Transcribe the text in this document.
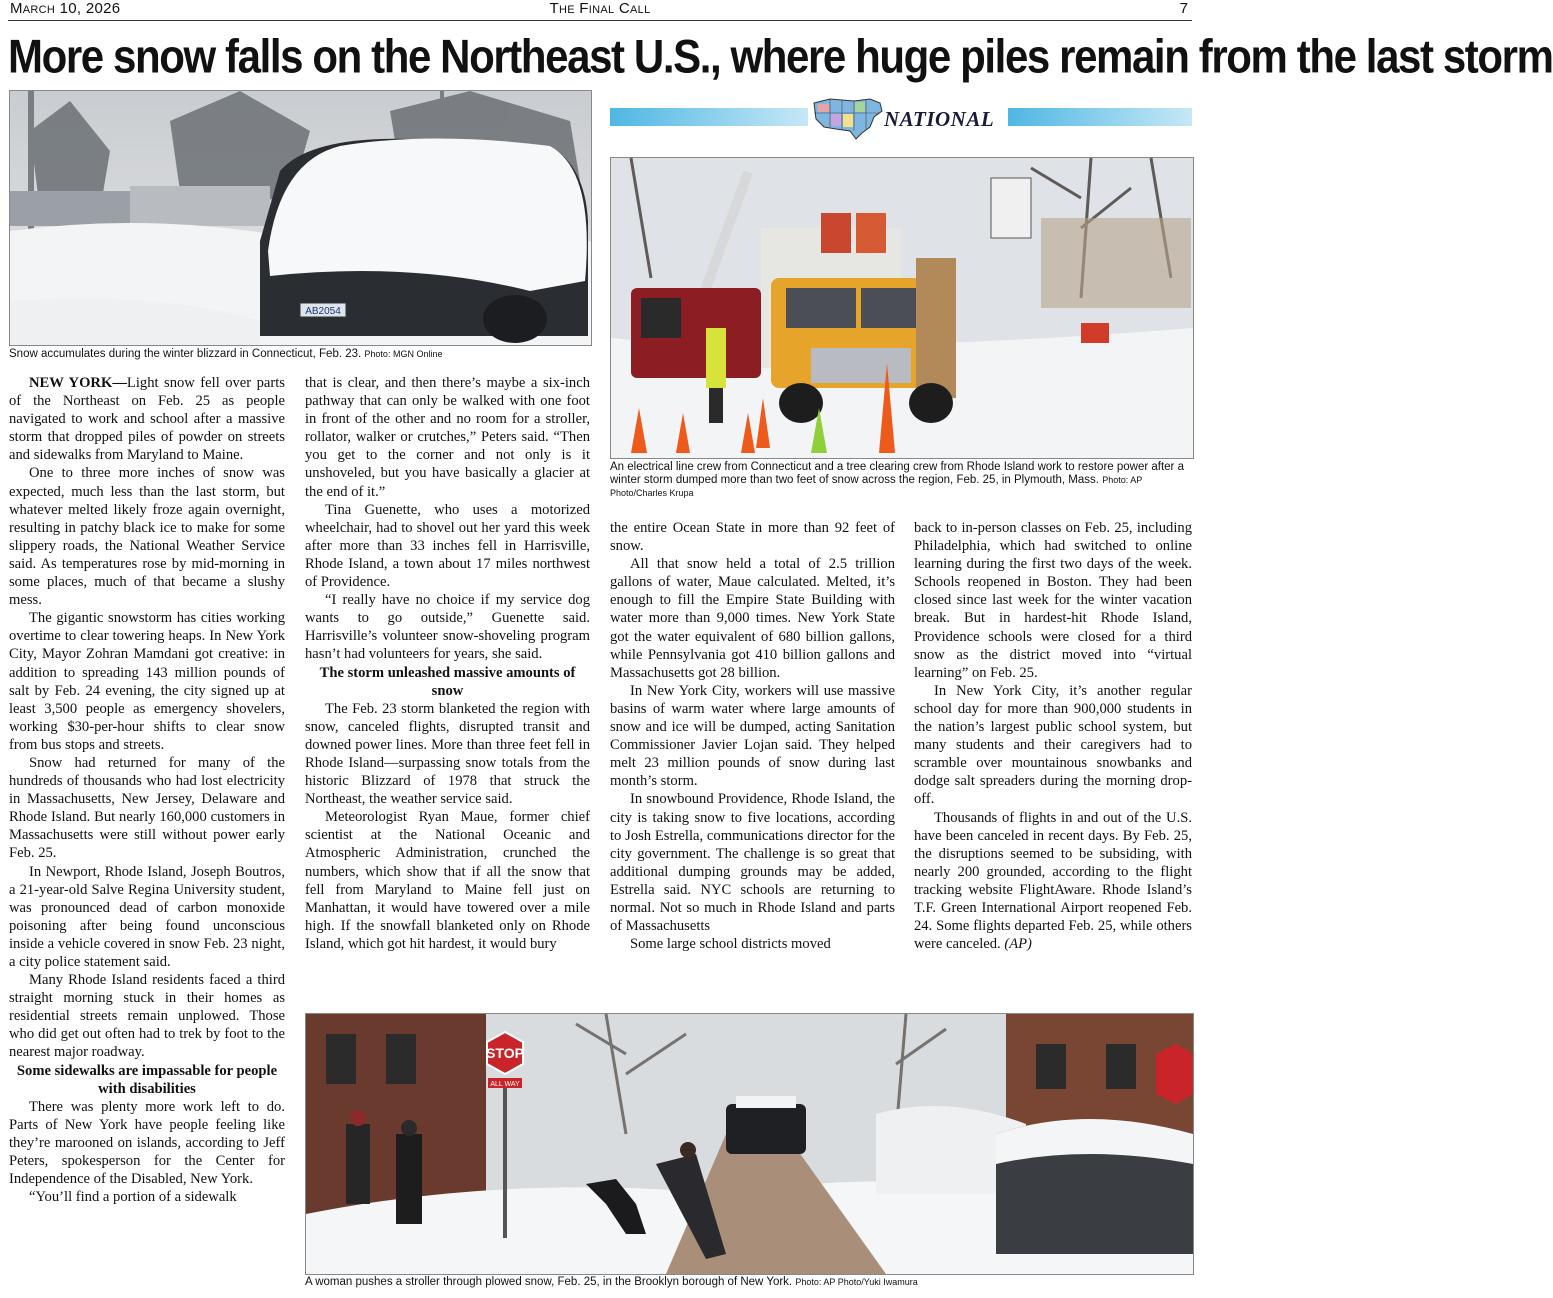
March 10, 2026	The Final Call	7
More snow falls on the Northeast U.S., where huge piles remain from the last storm
AB2054
Snow accumulates during the winter blizzard in Connecticut, Feb. 23. Photo: MGN Online
NATIONAL
An electrical line crew from Connecticut and a tree clearing crew from Rhode Island work to restore power after a winter storm dumped more than two feet of snow across the region, Feb. 25, in Plymouth, Mass. Photo: AP Photo/Charles Krupa

NEW YORK—Light snow fell over parts of the Northeast on Feb. 25 as people navigated to work and school after a massive storm that dropped piles of powder on streets and sidewalks from Maryland to Maine.

One to three more inches of snow was expected, much less than the last storm, but whatever melted likely froze again overnight, resulting in patchy black ice to make for some slippery roads, the National Weather Service said. As temperatures rose by mid-morning in some places, much of that became a slushy mess.

The gigantic snowstorm has cities working overtime to clear towering heaps. In New York City, Mayor Zohran Mamdani got creative: in addition to spreading 143 million pounds of salt by Feb. 24 evening, the city signed up at least 3,500 people as emergency shovelers, working $30-per-hour shifts to clear snow from bus stops and streets.

Snow had returned for many of the hundreds of thousands who had lost electricity in Massachusetts, New Jersey, Delaware and Rhode Island. But nearly 160,000 customers in Massachusetts were still without power early Feb. 25.

In Newport, Rhode Island, Joseph Boutros, a 21-year-old Salve Regina University student, was pronounced dead of carbon monoxide poisoning after being found unconscious inside a vehicle covered in snow Feb. 23 night, a city police statement said.

Many Rhode Island residents faced a third straight morning stuck in their homes as residential streets remain unplowed. Those who did get out often had to trek by foot to the nearest major roadway.

Some sidewalks are impassable for people with disabilities

There was plenty more work left to do. Parts of New York have people feeling like they’re marooned on islands, according to Jeff Peters, spokesperson for the Center for Independence of the Disabled, New York.

“You’ll find a portion of a sidewalk

that is clear, and then there’s maybe a six-inch pathway that can only be walked with one foot in front of the other and no room for a stroller, rollator, walker or crutches,” Peters said. “Then you get to the corner and not only is it unshoveled, but you have basically a glacier at the end of it.”

Tina Guenette, who uses a motorized wheelchair, had to shovel out her yard this week after more than 33 inches fell in Harrisville, Rhode Island, a town about 17 miles northwest of Providence.

“I really have no choice if my service dog wants to go outside,” Guenette said. Harrisville’s volunteer snow-shoveling program hasn’t had volunteers for years, she said.

The storm unleashed massive amounts of snow

The Feb. 23 storm blanketed the region with snow, canceled flights, disrupted transit and downed power lines. More than three feet fell in Rhode Island—surpassing snow totals from the historic Blizzard of 1978 that struck the Northeast, the weather service said.

Meteorologist Ryan Maue, former chief scientist at the National Oceanic and Atmospheric Administration, crunched the numbers, which show that if all the snow that fell from Maryland to Maine fell just on Manhattan, it would have towered over a mile high. If the snowfall blanketed only on Rhode Island, which got hit hardest, it would bury

the entire Ocean State in more than 92 feet of snow.

All that snow held a total of 2.5 trillion gallons of water, Maue calculated. Melted, it’s enough to fill the Empire State Building with water more than 9,000 times. New York State got the water equivalent of 680 billion gallons, while Pennsylvania got 410 billion gallons and Massachusetts got 28 billion.

In New York City, workers will use massive basins of warm water where large amounts of snow and ice will be dumped, acting Sanitation Commissioner Javier Lojan said. They helped melt 23 million pounds of snow during last month’s storm.

In snowbound Providence, Rhode Island, the city is taking snow to five locations, according to Josh Estrella, communications director for the city government. The challenge is so great that additional dumping grounds may be added, Estrella said. NYC schools are returning to normal. Not so much in Rhode Island and parts of Massachusetts

Some large school districts moved

back to in-person classes on Feb. 25, including Philadelphia, which had switched to online learning during the first two days of the week. Schools reopened in Boston. They had been closed since last week for the winter vacation break. But in hardest-hit Rhode Island, Providence schools were closed for a third snow as the district moved into “virtual learning” on Feb. 25.

In New York City, it’s another regular school day for more than 900,000 students in the nation’s largest public school system, but many students and their caregivers had to scramble over mountainous snowbanks and dodge salt spreaders during the morning drop-off.

Thousands of flights in and out of the U.S. have been canceled in recent days. By Feb. 25, the disruptions seemed to be subsiding, with nearly 200 grounded, according to the flight tracking website FlightAware. Rhode Island’s T.F. Green International Airport reopened Feb. 24. Some flights departed Feb. 25, while others were canceled. (AP)

STOP
ALL WAY
A woman pushes a stroller through plowed snow, Feb. 25, in the Brooklyn borough of New York. Photo: AP Photo/Yuki Iwamura
